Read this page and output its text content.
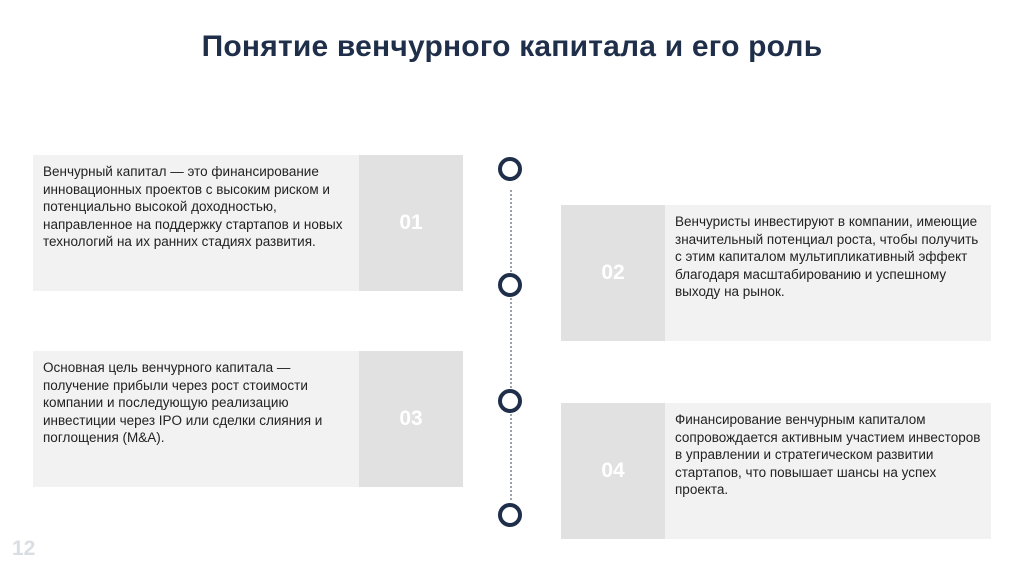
Понятие венчурного капитала и его роль
Венчурный капитал — это финансирование инновационных проектов с высоким риском и потенциально высокой доходностью, направленное на поддержку стартапов и новых технологий на их ранних стадиях развития.
01
02
Венчуристы инвестируют в компании, имеющие значительный потенциал роста, чтобы получить с этим капиталом мультипликативный эффект благодаря масштабированию и успешному выходу на рынок.
Основная цель венчурного капитала — получение прибыли через рост стоимости компании и последующую реализацию инвестиции через IPO или сделки слияния и поглощения (M&A).
03
04
Финансирование венчурным капиталом сопровождается активным участием инвесторов в управлении и стратегическом развитии стартапов, что повышает шансы на успех проекта.
12
